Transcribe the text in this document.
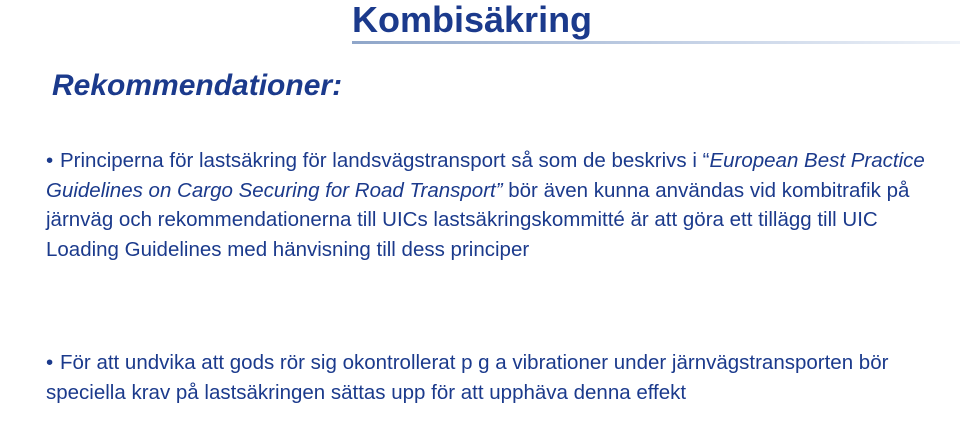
Kombisäkring
Rekommendationer:
• Principerna för lastsäkring för landsvägstransport så som de beskrivs i “European Best Practice Guidelines on Cargo Securing for Road Transport” bör även kunna användas vid kombitrafik på järnväg och rekommendationerna till UICs lastsäkringskommitté är att göra ett tillägg till UIC Loading Guidelines med hänvisning till dess principer
• För att undvika att gods rör sig okontrollerat p g a vibrationer under järnvägstransporten bör speciella krav på lastsäkringen sättas upp för att upphäva denna effekt
